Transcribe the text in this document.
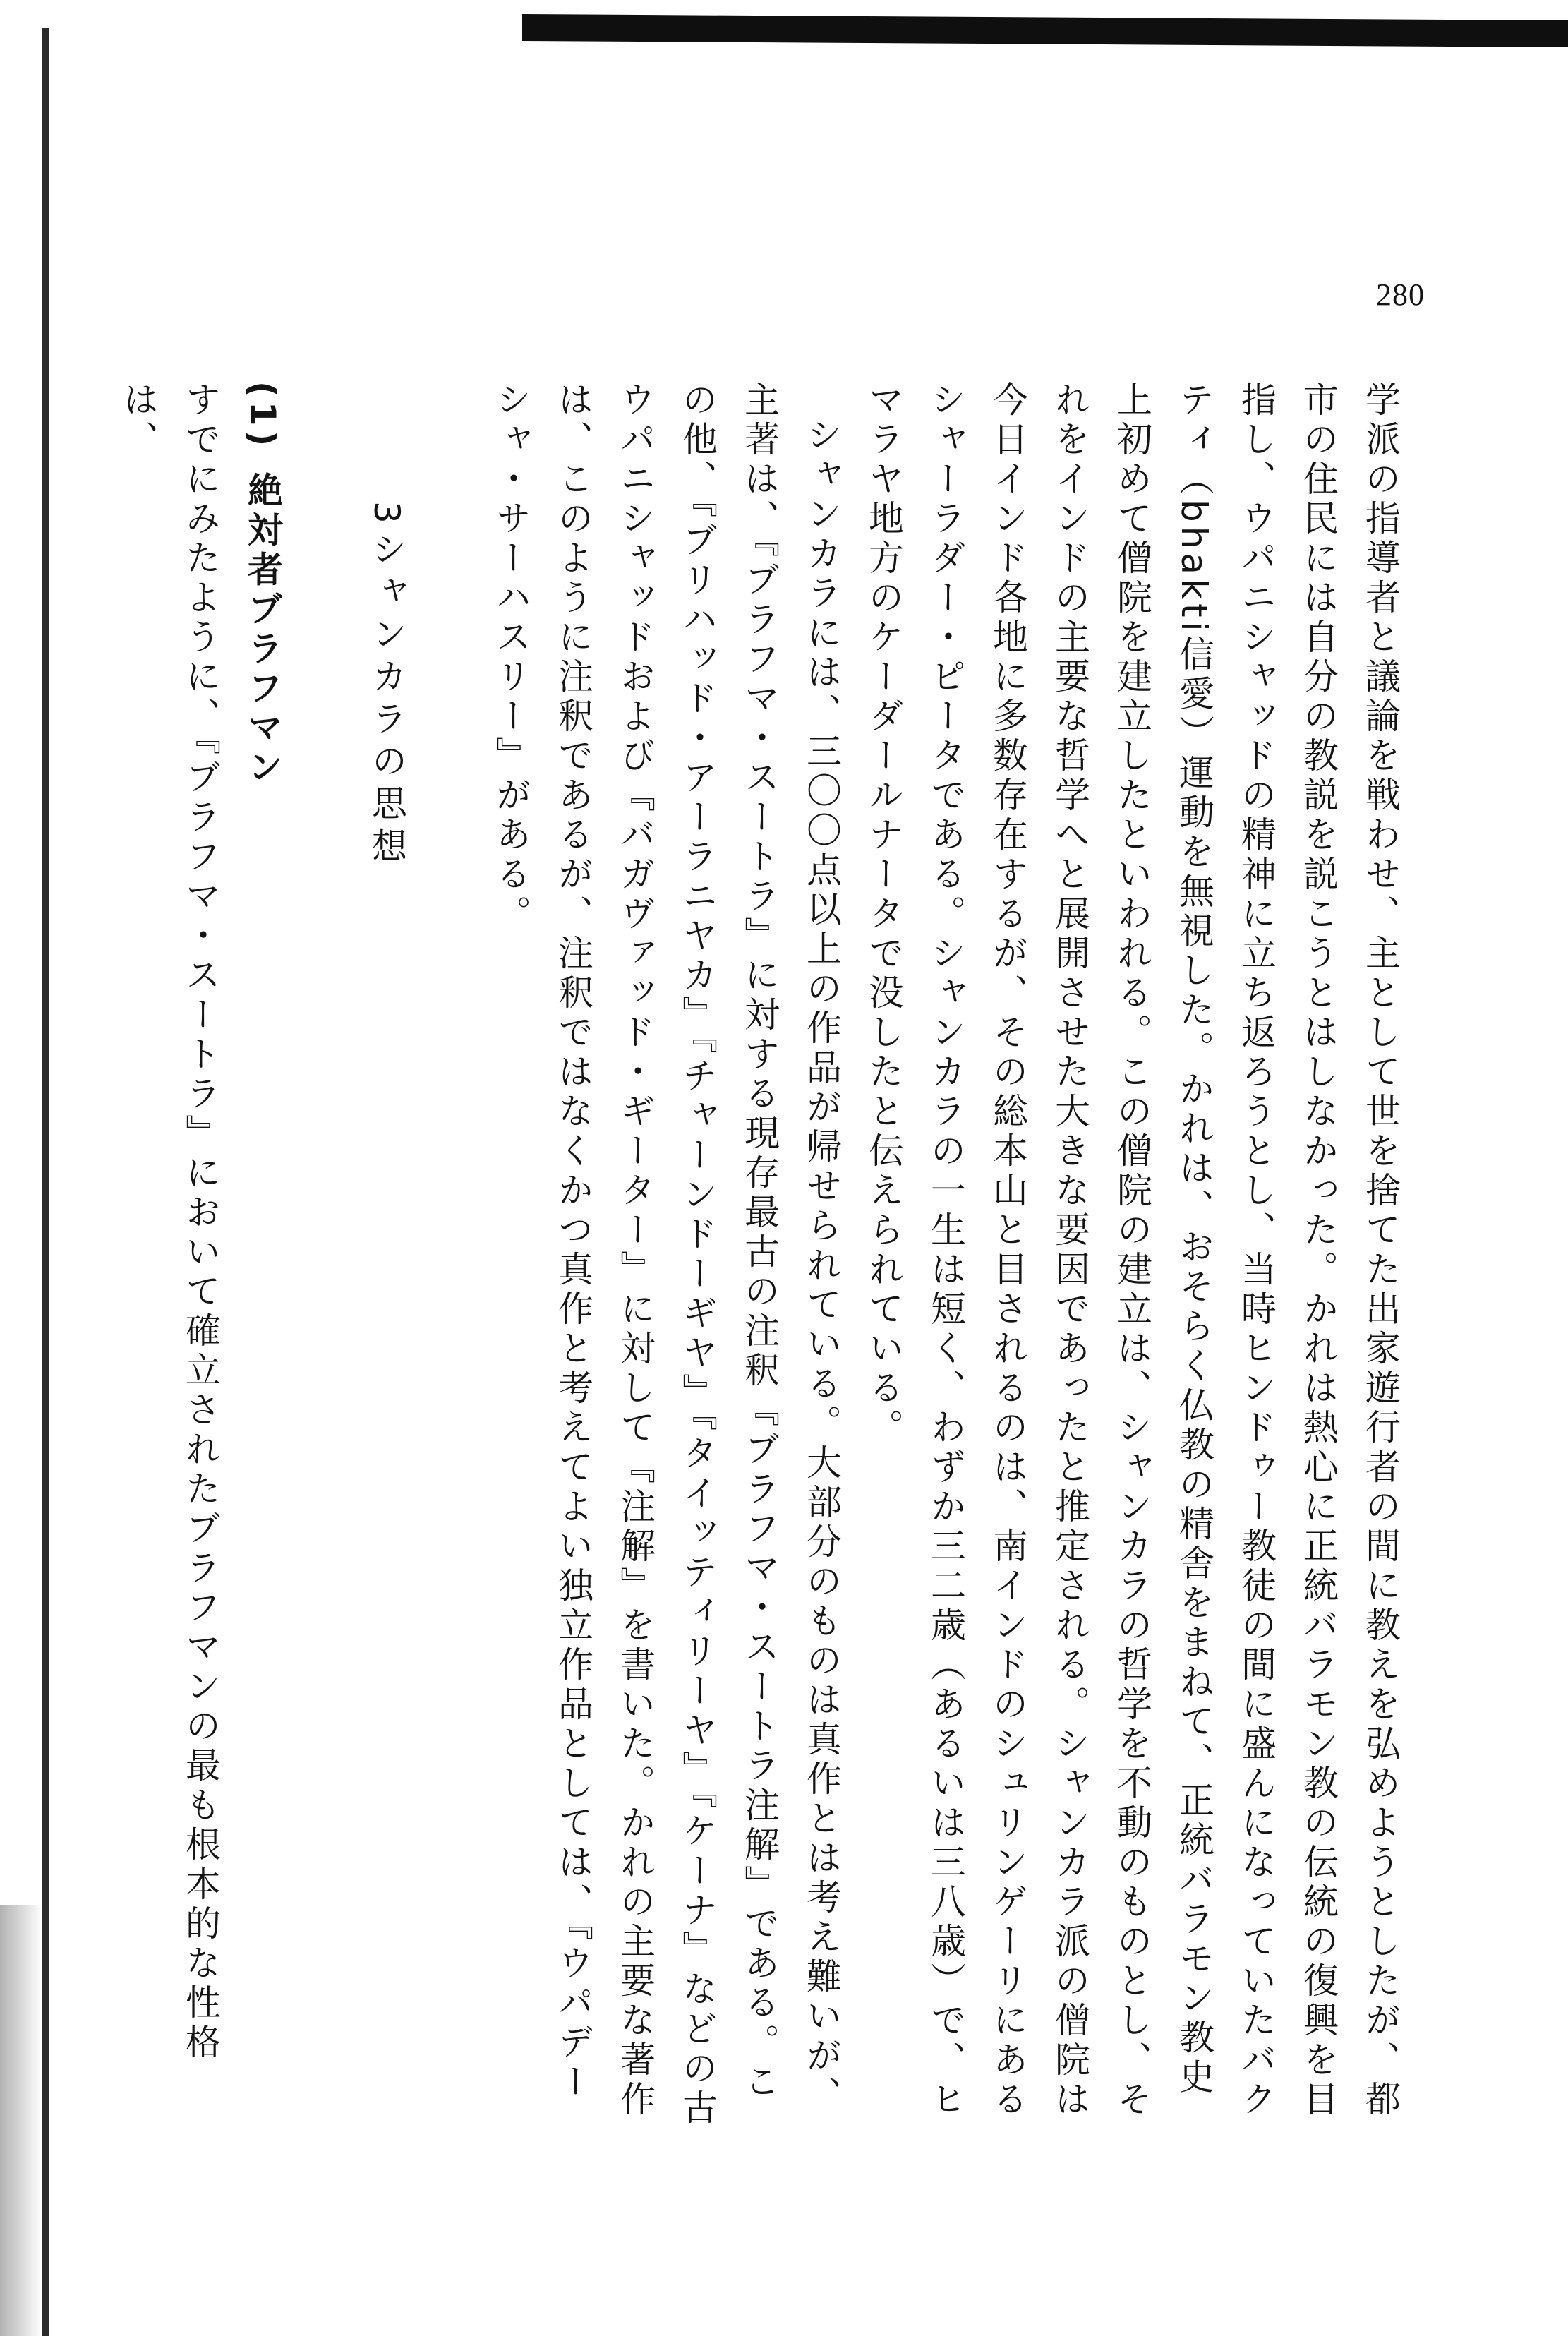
280

学派の指導者と議論を戦わせ、主として世を捨てた出家遊行者の間に教えを弘めようとしたが、都市の住民には自分の教説を説こうとはしなかった。かれは熱心に正統バラモン教の伝統の復興を目指し、ウパニシャッドの精神に立ち返ろうとし、当時ヒンドゥー教徒の間に盛んになっていたバクティ（bhakti信愛）運動を無視した。かれは、おそらく仏教の精舎をまねて、正統バラモン教史上初めて僧院を建立したといわれる。この僧院の建立は、シャンカラの哲学を不動のものとし、それをインドの主要な哲学へと展開させた大きな要因であったと推定される。シャンカラ派の僧院は今日インド各地に多数存在するが、その総本山と目されるのは、南インドのシュリンゲーリにあるシャーラダー・ピータである。シャンカラの一生は短く、わずか三二歳（あるいは三八歳）で、ヒマラヤ地方のケーダールナータで没したと伝えられている。

シャンカラには、三〇〇点以上の作品が帰せられている。大部分のものは真作とは考え難いが、主著は、『ブラフマ・スートラ』に対する現存最古の注釈『ブラフマ・スートラ注解』である。この他、『ブリハッド・アーラニヤカ』『チャーンドーギヤ』『タイッティリーヤ』『ケーナ』などの古ウパニシャッドおよび『バガヴァッド・ギーター』に対して『注解』を書いた。かれの主要な著作は、このように注釈であるが、注釈ではなくかつ真作と考えてよい独立作品としては、『ウパデーシャ・サーハスリー』がある。

3シャンカラの思想
(1)絶対者ブラフマン

すでにみたように、『ブラフマ・スートラ』において確立されたブラフマンの最も根本的な性格は、
